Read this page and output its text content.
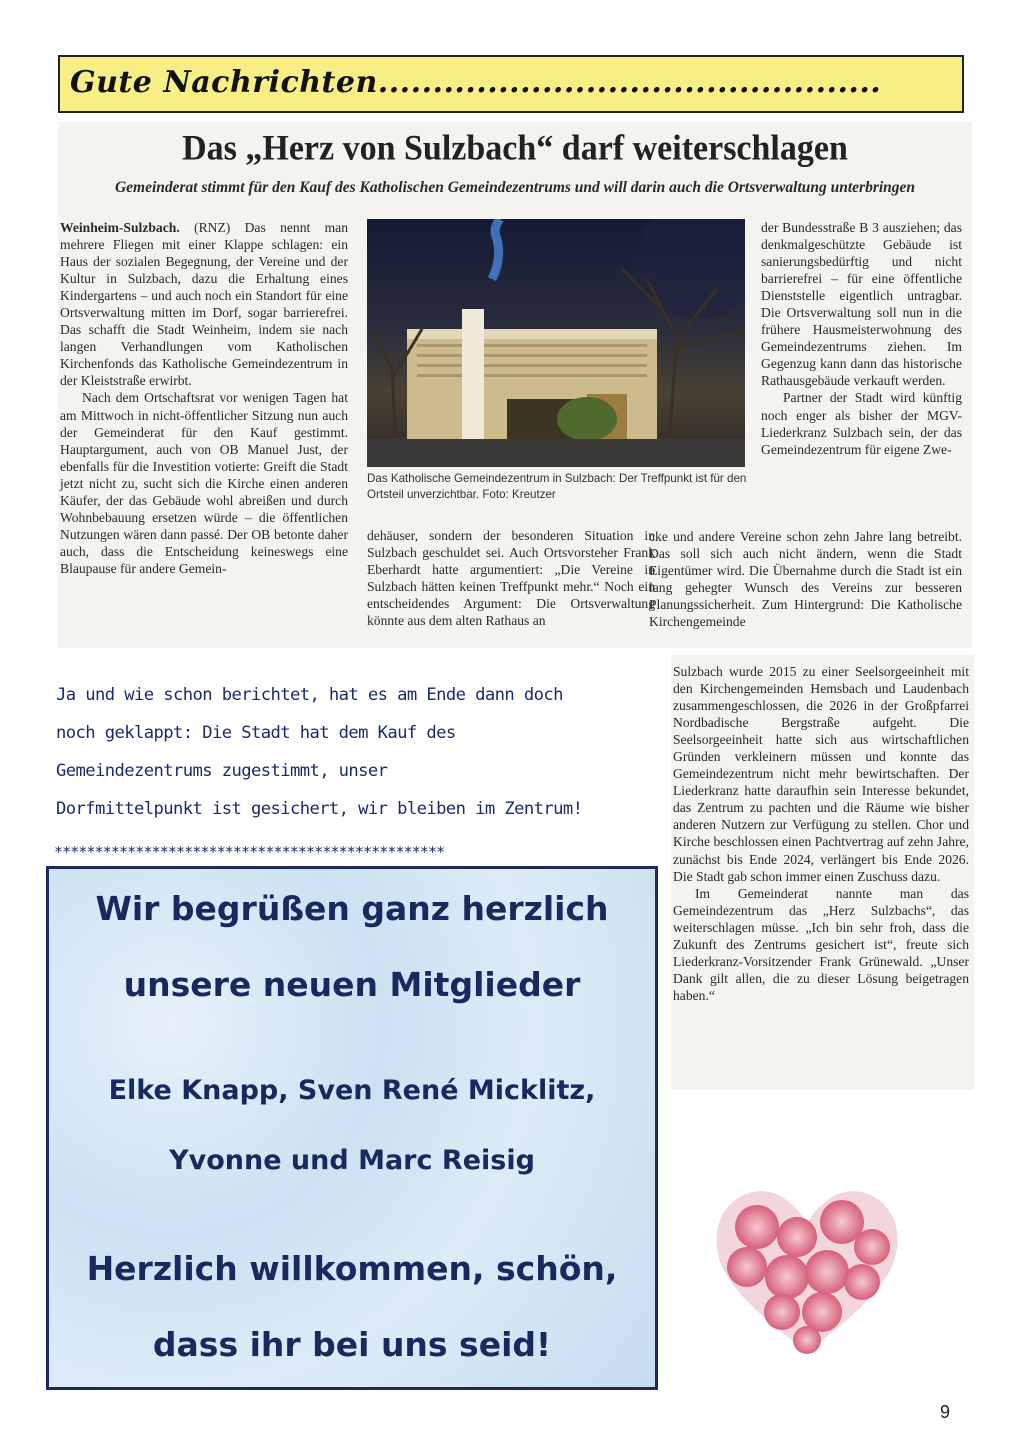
Gute Nachrichten..............................................
Das „Herz von Sulzbach“ darf weiterschlagen
Gemeinderat stimmt für den Kauf des Katholischen Gemeindezentrums und will darin auch die Ortsverwaltung unterbringen

Weinheim-Sulzbach. (RNZ) Das nennt man mehrere Fliegen mit einer Klappe schlagen: ein Haus der sozialen Begegnung, der Vereine und der Kultur in Sulzbach, dazu die Erhaltung eines Kindergartens – und auch noch ein Standort für eine Ortsverwaltung mitten im Dorf, sogar barrierefrei. Das schafft die Stadt Weinheim, indem sie nach langen Verhandlungen vom Katholischen Kirchenfonds das Katholische Gemeindezentrum in der Kleiststraße erwirbt.

Nach dem Ortschaftsrat vor wenigen Tagen hat am Mittwoch in nicht-öffentlicher Sitzung nun auch der Gemeinderat für den Kauf gestimmt. Hauptargument, auch von OB Manuel Just, der ebenfalls für die Investition votierte: Greift die Stadt jetzt nicht zu, sucht sich die Kirche einen anderen Käufer, der das Gebäude wohl abreißen und durch Wohnbebauung ersetzen würde – die öffentlichen Nutzungen wären dann passé. Der OB betonte daher auch, dass die Entscheidung keineswegs eine Blaupause für andere Gemein-

Das Katholische Gemeindezentrum in Sulzbach: Der Treffpunkt ist für den Ortsteil unverzichtbar. Foto: Kreutzer

dehäuser, sondern der besonderen Situation in Sulzbach geschuldet sei. Auch Ortsvorsteher Frank Eberhardt hatte argumentiert: „Die Vereine in Sulzbach hätten keinen Treffpunkt mehr.“ Noch ein entscheidendes Argument: Die Ortsverwaltung könnte aus dem alten Rathaus an

der Bundesstraße B 3 ausziehen; das denkmalgeschützte Gebäude ist sanierungsbedürftig und nicht barrierefrei – für eine öffentliche Dienststelle eigentlich untragbar. Die Ortsverwaltung soll nun in die frühere Hausmeisterwohnung des Gemeindezentrums ziehen. Im Gegenzug kann dann das historische Rathausgebäude verkauft werden.

Partner der Stadt wird künftig noch enger als bisher der MGV-Liederkranz Sulzbach sein, der das Gemeindezentrum für eigene Zwe-

cke und andere Vereine schon zehn Jahre lang betreibt. Das soll sich auch nicht ändern, wenn die Stadt Eigentümer wird. Die Übernahme durch die Stadt ist ein lang gehegter Wunsch des Vereins zur besseren Planungssicherheit. Zum Hintergrund: Die Katholische Kirchengemeinde

Sulzbach wurde 2015 zu einer Seelsorgeeinheit mit den Kirchengemeinden Hemsbach und Laudenbach zusammengeschlossen, die 2026 in der Großpfarrei Nordbadische Bergstraße aufgeht. Die Seelsorgeeinheit hatte sich aus wirtschaftlichen Gründen verkleinern müssen und konnte das Gemeindezentrum nicht mehr bewirtschaften. Der Liederkranz hatte daraufhin sein Interesse bekundet, das Zentrum zu pachten und die Räume wie bisher anderen Nutzern zur Verfügung zu stellen. Chor und Kirche beschlossen einen Pachtvertrag auf zehn Jahre, zunächst bis Ende 2024, verlängert bis Ende 2026. Die Stadt gab schon immer einen Zuschuss dazu.

Im Gemeinderat nannte man das Gemeindezentrum das „Herz Sulzbachs“, das weiterschlagen müsse. „Ich bin sehr froh, dass die Zukunft des Zentrums gesichert ist“, freute sich Liederkranz-Vorsitzender Frank Grünewald. „Unser Dank gilt allen, die zu dieser Lösung beigetragen haben.“

Ja und wie schon berichtet, hat es am Ende dann doch
noch geklappt: Die Stadt hat dem Kauf des
Gemeindezentrums zugestimmt, unser
Dorfmittelpunkt ist gesichert, wir bleiben im Zentrum!
************************************************
Wir begrüßen ganz herzlich
unsere neuen Mitglieder
Elke Knapp, Sven René Micklitz,
Yvonne und Marc Reisig
Herzlich willkommen, schön,
dass ihr bei uns seid!
9
